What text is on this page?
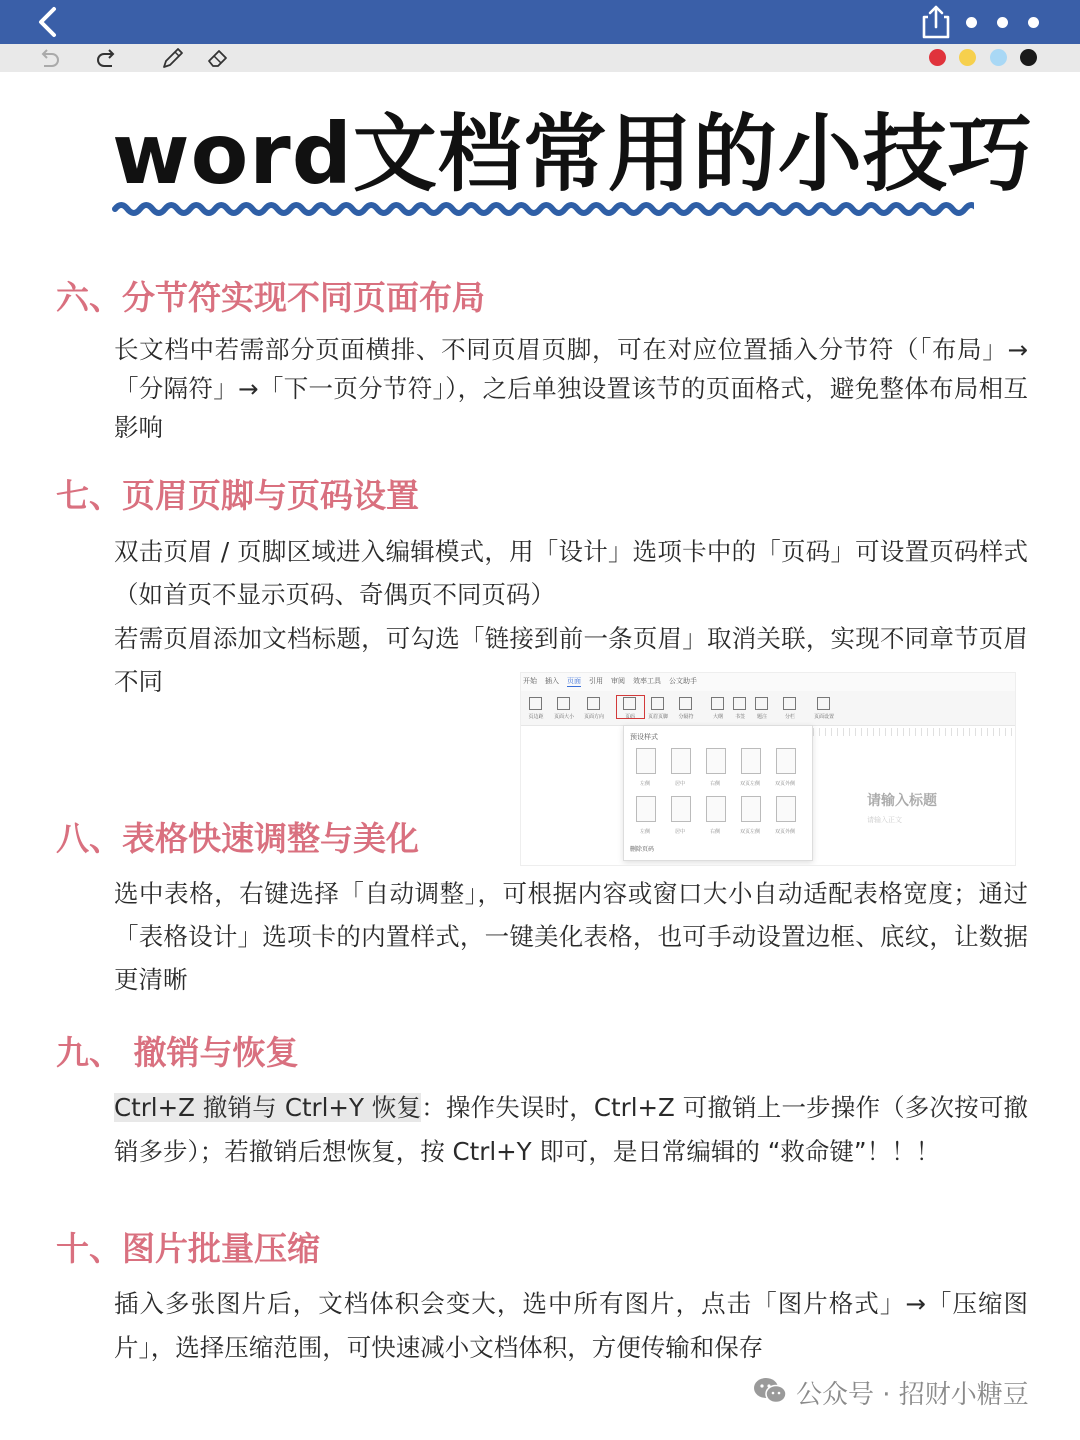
word文档常用的小技巧
六、分节符实现不同页面布局
长文档中若需部分页面横排、不同页眉页脚，可在对应位置插入分节符（「布局」→「分隔符」→「下一页分节符」），之后单独设置该节的页面格式，避免整体布局相互影响
七、页眉页脚与页码设置
双击页眉 / 页脚区域进入编辑模式，用「设计」选项卡中的「页码」可设置页码样式（如首页不显示页码、奇偶页不同页码）
若需页眉添加文档标题，可勾选「链接到前一条页眉」取消关联，实现不同章节页眉不同	开始 插入 页面 引用 审阅 效率工具 公文助手
页边距	页面大小	页面方向	页码	页眉页脚	分隔符	大纲	书签	题注	分栏	页面设置
预设样式
左侧	居中	右侧	双页左侧	双页外侧
左侧	居中	右侧	双页左侧	双页外侧
删除页码
请输入标题
请输入正文
八、表格快速调整与美化
选中表格，右键选择「自动调整」，可根据内容或窗口大小自动适配表格宽度；通过「表格设计」选项卡的内置样式，一键美化表格，也可手动设置边框、底纹，让数据更清晰
九、 撤销与恢复
Ctrl+Z 撤销与 Ctrl+Y 恢复：操作失误时，Ctrl+Z 可撤销上一步操作（多次按可撤销多步）；若撤销后想恢复，按 Ctrl+Y 即可，是日常编辑的 “救命键”！！！
十、图片批量压缩
插入多张图片后，文档体积会变大，选中所有图片，点击「图片格式」→「压缩图片」，选择压缩范围，可快速减小文档体积，方便传输和保存
公众号 · 招财小糖豆
